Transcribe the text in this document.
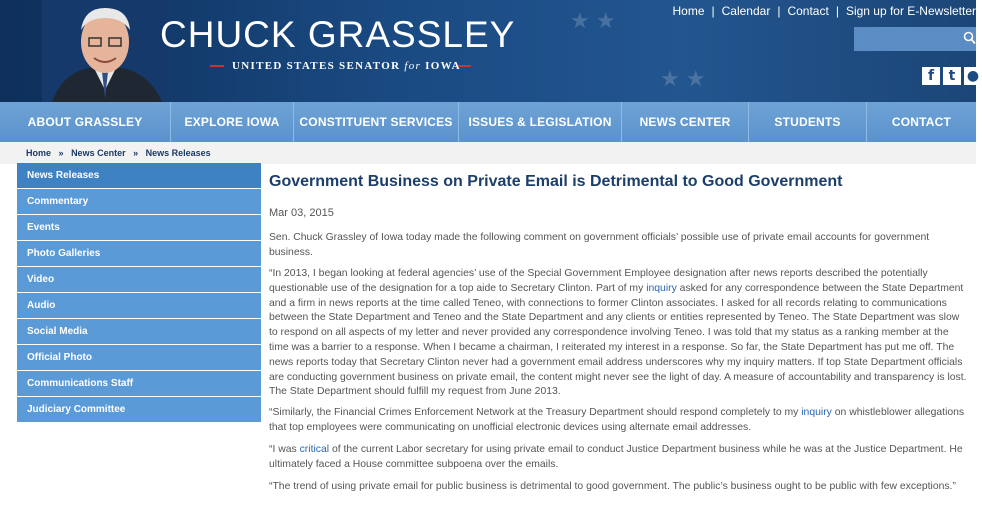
★ ★
★ ★
CHUCK GRASSLEY
UNITED STATES SENATOR for IOWA
Home | Calendar | Contact | Sign up for E-Newsletter
f	t ●
ABOUT GRASSLEY	EXPLORE IOWA	CONSTITUENT SERVICES	ISSUES & LEGISLATION	NEWS CENTER	STUDENTS	CONTACT
Home » News Center » News Releases
News Releases
Commentary
Events
Photo Galleries
Video
Audio
Social Media
Official Photo
Communications Staff
Judiciary Committee
Government Business on Private Email is Detrimental to Good Government
Mar 03, 2015
Sen. Chuck Grassley of Iowa today made the following comment on government officials’ possible use of private email accounts for government business.
“In 2013, I began looking at federal agencies’ use of the Special Government Employee designation after news reports described the potentially questionable use of the designation for a top aide to Secretary Clinton. Part of my inquiry asked for any correspondence between the State Department and a firm in news reports at the time called Teneo, with connections to former Clinton associates. I asked for all records relating to communications between the State Department and Teneo and the State Department and any clients or entities represented by Teneo. The State Department was slow to respond on all aspects of my letter and never provided any correspondence involving Teneo. I was told that my status as a ranking member at the time was a barrier to a response. When I became a chairman, I reiterated my interest in a response. So far, the State Department has put me off. The news reports today that Secretary Clinton never had a government email address underscores why my inquiry matters. If top State Department officials are conducting government business on private email, the content might never see the light of day. A measure of accountability and transparency is lost. The State Department should fulfill my request from June 2013.
“Similarly, the Financial Crimes Enforcement Network at the Treasury Department should respond completely to my inquiry on whistleblower allegations that top employees were communicating on unofficial electronic devices using alternate email addresses.
“I was critical of the current Labor secretary for using private email to conduct Justice Department business while he was at the Justice Department. He ultimately faced a House committee subpoena over the emails.
“The trend of using private email for public business is detrimental to good government. The public’s business ought to be public with few exceptions.”
